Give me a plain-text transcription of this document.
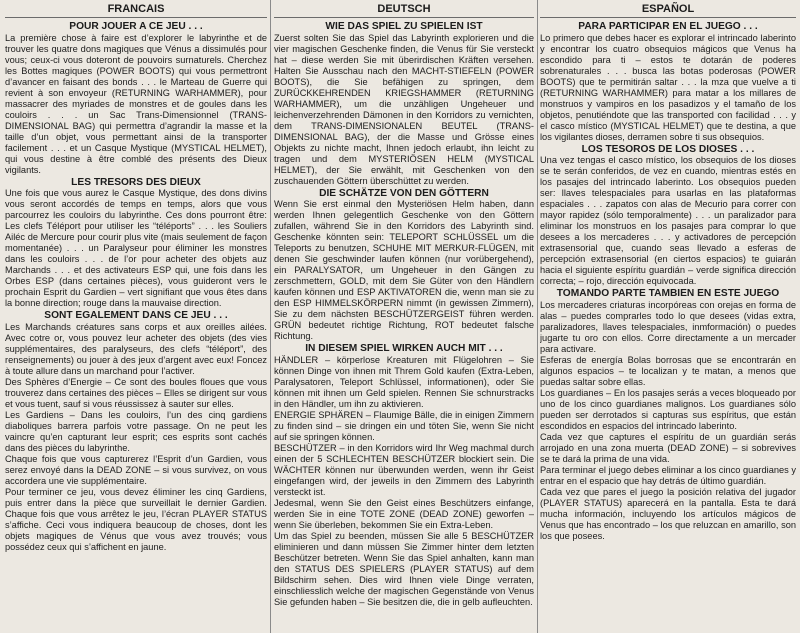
FRANCAIS
POUR JOUER A CE JEU . . .
La première chose à faire est d’explorer le labyrinthe et de trouver les quatre dons magiques que Vénus a dissimulés pour vous; ceux-ci vous doteront de pouvoirs surnaturels. Cherchez les Bottes magiques (POWER BOOTS) qui vous permettront d’avancer en faisant des bonds . . . le Marteau de Guerre qui revient à son envoyeur (RETURNING WARHAMMER), pour massacrer des myriades de monstres et de goules dans les couloirs . . . un Sac Trans-Dimensionnel (TRANS-DIMENSIONAL BAG) qui permettra d’agrandir la masse et la taille d’un objet, vous permettant ainsi de la transporter facilement . . . et un Casque Mystique (MYSTICAL HELMET), qui vous destine à être comblé des présents des Dieux vigilants.
LES TRESORS DES DIEUX
Une fois que vous aurez le Casque Mystique, des dons divins vous seront accordés de temps en temps, alors que vous parcourrez les couloirs du labyrinthe. Ces dons pourront être: Les clefs Téléport pour utiliser les “téléports” . . . les Souliers Ailéc de Mercure pour courir plus vite (mais seulement de façon momentanée) . . . un Paralyseur pour éliminer les monstres dans les couloirs . . . de l’or pour acheter des objets auz Marchands . . . et des activateurs ESP qui, une fois dans les Orbes ESP (dans certaines pièces), vous guideront vers le prochain Esprit du Gardien – vert signifiant que vous êtes dans la bonne direction; rouge dans la mauvaise direction.
SONT EGALEMENT DANS CE JEU . . .
Les Marchands créatures sans corps et aux oreilles ailées. Avec cotre or, vous pouvez leur acheter des objets (des vies supplémentaires, des paralyseurs, des clefs “téléport”, des renseignements) ou jouer à des jeux d’argent avec eux! Foncez à toute allure dans un marchand pour l’activer.
Des Sphères d’Energie – Ce sont des boules floues que vous trouverez dans certaines des pièces – Elles se dirigent sur vous et vous tuent, sauf si vous réussissez à sauter sur elles.
Les Gardiens – Dans les couloirs, l’un des cinq gardiens diaboliques barrera parfois votre passage. On ne peut les vaincre qu’en capturant leur esprit; ces esprits sont cachés dans des pièces du labyrinthe.
Chaque fois que vous capturerez l’Esprit d’un Gardien, vous serez envoyé dans la DEAD ZONE – si vous survivez, on vous accordera une vie supplémentaire.
Pour terminer ce jeu, vous devez éliminer les cinq Gardiens, puis entrer dans la pièce que surveillait le dernier Gardien. Chaque fois que vous arrêtez le jeu, l’écran PLAYER STATUS s’affiche. Ceci vous indiquera beaucoup de choses, dont les objets magiques de Vénus que vous avez trouvés; vous possédez ceux qui s’affichent en jaune.
DEUTSCH
WIE DAS SPIEL ZU SPIELEN IST
Zuerst solten Sie das Spiel das Labyrinth explorieren und die vier magischen Geschenke finden, die Venus für Sie versteckt hat – diese werden Sie mit überirdischen Kräften versehen. Halten Sie Ausschau nach den MACHT-STIEFELN (POWER BOOTS), die Sie befähigen zu springen, dem ZURÜCKKEHRENDEN KRIEGSHAMMER (RETURNING WARHAMMER), um die unzähligen Ungeheuer und leichenverzehrenden Dämonen in den Korridors zu vernichten, dem TRANS-DIMENSIONALEN BEUTEL (TRANS-DIMENSIONAL BAG), der die Masse und Grösse eines Objekts zu nichte macht, Ihnen jedoch erlaubt, ihn leicht zu tragen und dem MYSTERIÖSEN HELM (MYSTICAL HELMET), der Sie erwählt, mit Geschenken von den zuschauenden Göttern überschüttet zu werden.
DIE SCHÄTZE VON DEN GÖTTERN
Wenn Sie erst einmal den Mysteriösen Helm haben, dann werden Ihnen gelegentlich Geschenke von den Göttern zufallen, während Sie in den Korridors des Labyrinth sind. Geschenke könnten sein: TELEPORT SCHLÜSSEL um die Teleports zu benutzen, SCHUHE MIT MERKUR-FLÜGEN, mit denen Sie geschwinder laufen können (nur vorübergehend), ein PARALYSATOR, um Ungeheuer in den Gängen zu zerschmettern, GOLD, mit dem Sie Güter von den Händlern kaufen können und ESP AKTIVATOREN die, wenn man sie zu den ESP HIMMELSKÖRPERN nimmt (in gewissen Zimmern), Sie zu dem nächsten BESCHÜTZERGEIST führen werden. GRÜN bedeutet richtige Richtung, ROT bedeutet falsche Richtung.
IN DIESEM SPIEL WIRKEN AUCH MIT . . .
HÄNDLER – körperlose Kreaturen mit Flügelohren – Sie können Dinge von ihnen mit Threm Gold kaufen (Extra-Leben, Paralysatoren, Teleport Schlüssel, informationen), oder Sie können mit ihnen um Geld spielen. Rennen Sie schnurstracks in den Händler, um ihn zu aktivieren.
ENERGIE SPHÄREN – Flaumige Bälle, die in einigen Zimmern zu finden sind – sie dringen ein und töten Sie, wenn Sie nicht auf sie springen können.
BESCHÜTZER – in den Korridors wird Ihr Weg machmal durch einen der 5 SCHLECHTEN BESCHÜTZER blockiert sein. Die WÄCHTER können nur überwunden werden, wenn ihr Geist eingefangen wird, der jeweils in den Zimmern des Labyrinth versteckt ist.
Jedesmal, wenn Sie den Geist eines Beschützers einfange, werden Sie in eine TOTE ZONE (DEAD ZONE) geworfen – wenn Sie überleben, bekommen Sie ein Extra-Leben.
Um das Spiel zu beenden, müssen Sie alle 5 BESCHÜTZER eliminieren und dann müssen Sie Zimmer hinter dem letzten Beschützer betreten. Wenn Sie das Spiel anhalten, kann man den STATUS DES SPIELERS (PLAYER STATUS) auf dem Bildschirm sehen. Dies wird Ihnen viele Dinge verraten, einschliesslich welche der magischen Gegenstände von Venus Sie gefunden haben – Sie besitzen die, die in gelb aufleuchten.
ESPAÑOL
PARA PARTICIPAR EN EL JUEGO . . .
Lo primero que debes hacer es explorar el intrincado laberinto y encontrar los cuatro obsequios mágicos que Venus ha escondido para ti – estos te dotarán de poderes sobrenaturales . . . busca las botas poderosas (POWER BOOTS) que te permitirán saltar . . . la mza que vuelve a ti (RETURNING WARHAMMER) para matar a los millares de monstruos y vampiros en los pasadizos y el tamaño de los objetos, penutiéndote que las transported con facilidad . . . y el casco místico (MYSTICAL HELMET) que te destina, a que los vigilantes dioses, derramen sobre ti sus obsequios.
LOS TESOROS DE LOS DIOSES . . .
Una vez tengas el casco místico, los obsequios de los dioses se te serán conferidos, de vez en cuando, mientras estés en los pasajes del intrincado laberinto. Los obsequios pueden ser: llaves telespaciales para usarlas en las plataformas espaciales . . . zapatos con alas de Mecurio para correr con mayor rapidez (sólo temporalmente) . . . un paralizador para eliminar los monstruos en los pasajes para comprar lo que desees a los mercaderes . . . y activadores de percepción extrasensorial que, cuando seas llevado a esferas de percepción extrasensorial (en ciertos espacios) te guiarán hacia el siguiente espíritu guardián – verde significa dirección correcta; – rojo, dirección equivocada.
TOMANDO PARTE TAMBIEN EN ESTE JUEGO
Los mercaderes criaturas incorpóreas con orejas en forma de alas – puedes comprarles todo lo que desees (vidas extra, paralizadores, llaves telespaciales, inmformación) o puedes jugarte tu oro con ellos. Corre directamente a un mercader para activare.
Esferas de energía Bolas borrosas que se encontrarán en algunos espacios – te localizan y te matan, a menos que puedas saltar sobre ellas.
Los guardianes – En los pasajes serás a veces bloqueado por uno de los cinco guardianes malignos. Los guardianes sólo pueden ser derrotados si capturas sus espíritus, que están escondidos en espacios del intrincado laberinto.
Cada vez que captures el espíritu de un guardián serás arrojado en una zona muerta (DEAD ZONE) – si sobrevives se te dará la prima de una vida.
Para terminar el juego debes eliminar a los cinco guardianes y entrar en el espacio que hay detrás de último guardián.
Cada vez que pares el juego la posición relativa del jugador (PLAYER STATUS) aparecerá en la pantalla. Esta te dará mucha información, incluyendo los artículos mágicos de Venus que has encontrado – los que reluzcan en amarillo, son los que posees.
